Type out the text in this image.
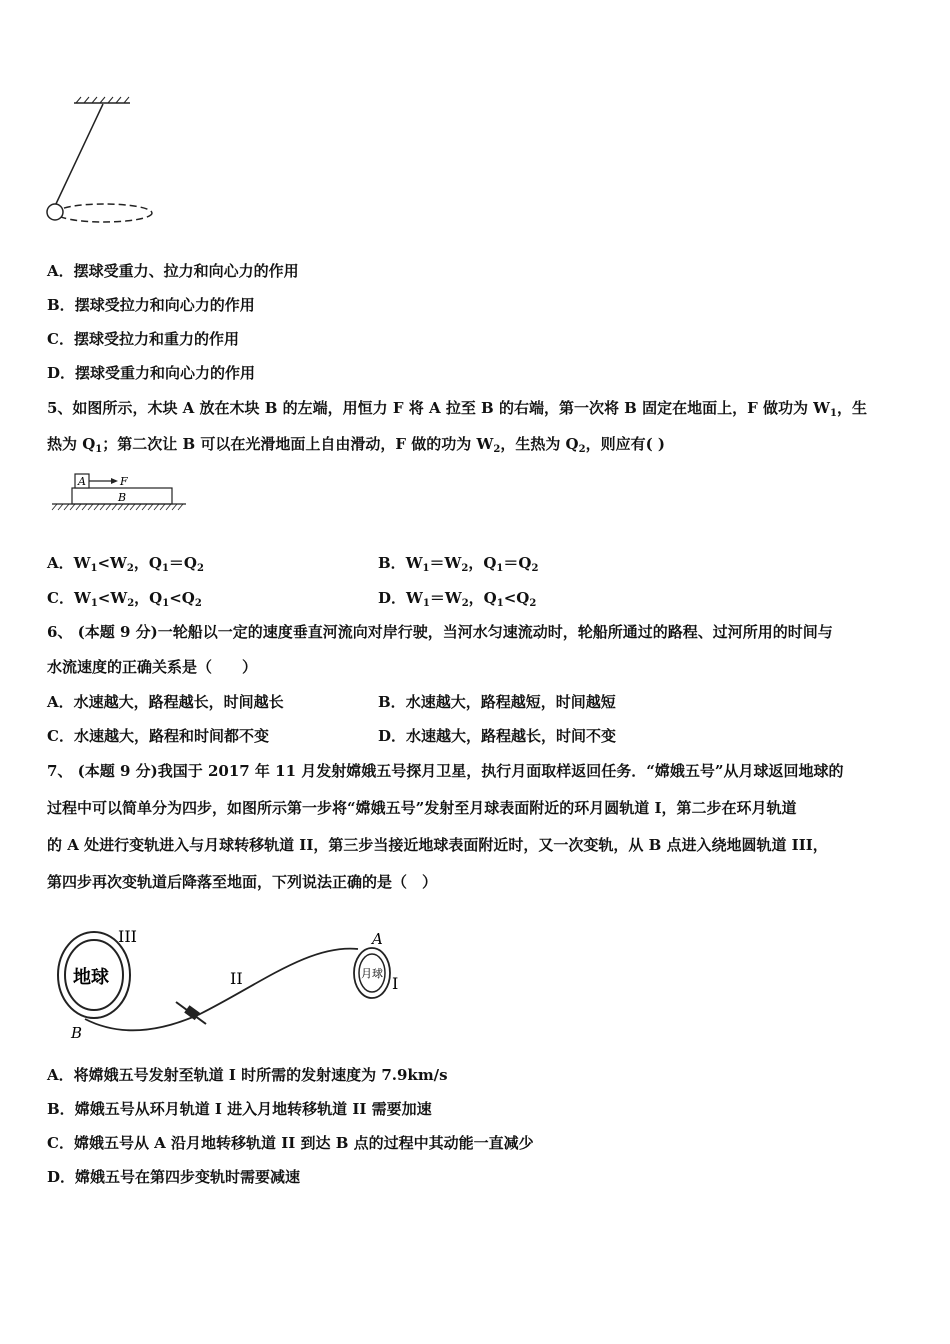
A．摆球受重力、拉力和向心力的作用
B．摆球受拉力和向心力的作用
C．摆球受拉力和重力的作用
D．摆球受重力和向心力的作用
5、如图所示，木块 A 放在木块 B 的左端，用恒力 F 将 A 拉至 B 的右端，第一次将 B 固定在地面上，F 做功为 $W_1$，生
热为 $Q_1$；第二次让 B 可以在光滑地面上自由滑动，F 做的功为 $W_2$，生热为 $Q_2$，则应有( )
B
A	F
A．$W_1<W_2$，$Q_1=Q_2$	B．$W_1=W_2$，$Q_1=Q_2$
C．$W_1<W_2$，$Q_1<Q_2$	D．$W_1=W_2$，$Q_1<Q_2$
6、 (本题 9 分)一轮船以一定的速度垂直河流向对岸行驶，当河水匀速流动时，轮船所通过的路程、过河所用的时间与
水流速度的正确关系是（　　）
A．水速越大，路程越长，时间越长	B．水速越大，路程越短，时间越短
C．水速越大，路程和时间都不变	D．水速越大，路程越长，时间不变
7、 (本题 9 分)我国于 2017 年 11 月发射嫦娥五号探月卫星，执行月面取样返回任务．“嫦娥五号”从月球返回地球的
过程中可以简单分为四步，如图所示第一步将“嫦娥五号”发射至月球表面附近的环月圆轨道 I，第二步在环月轨道
的 A 处进行变轨进入与月球转移轨道 II，第三步当接近地球表面附近时，又一次变轨，从 B 点进入绕地圆轨道 III，
第四步再次变轨道后降落至地面，下列说法正确的是（　）
地球
III
II	月球
A
I
B
A．将嫦娥五号发射至轨道 I 时所需的发射速度为 7.9km/s
B．嫦娥五号从环月轨道 I 进入月地转移轨道 II 需要加速
C．嫦娥五号从 A 沿月地转移轨道 II 到达 B 点的过程中其动能一直减少
D．嫦娥五号在第四步变轨时需要减速
